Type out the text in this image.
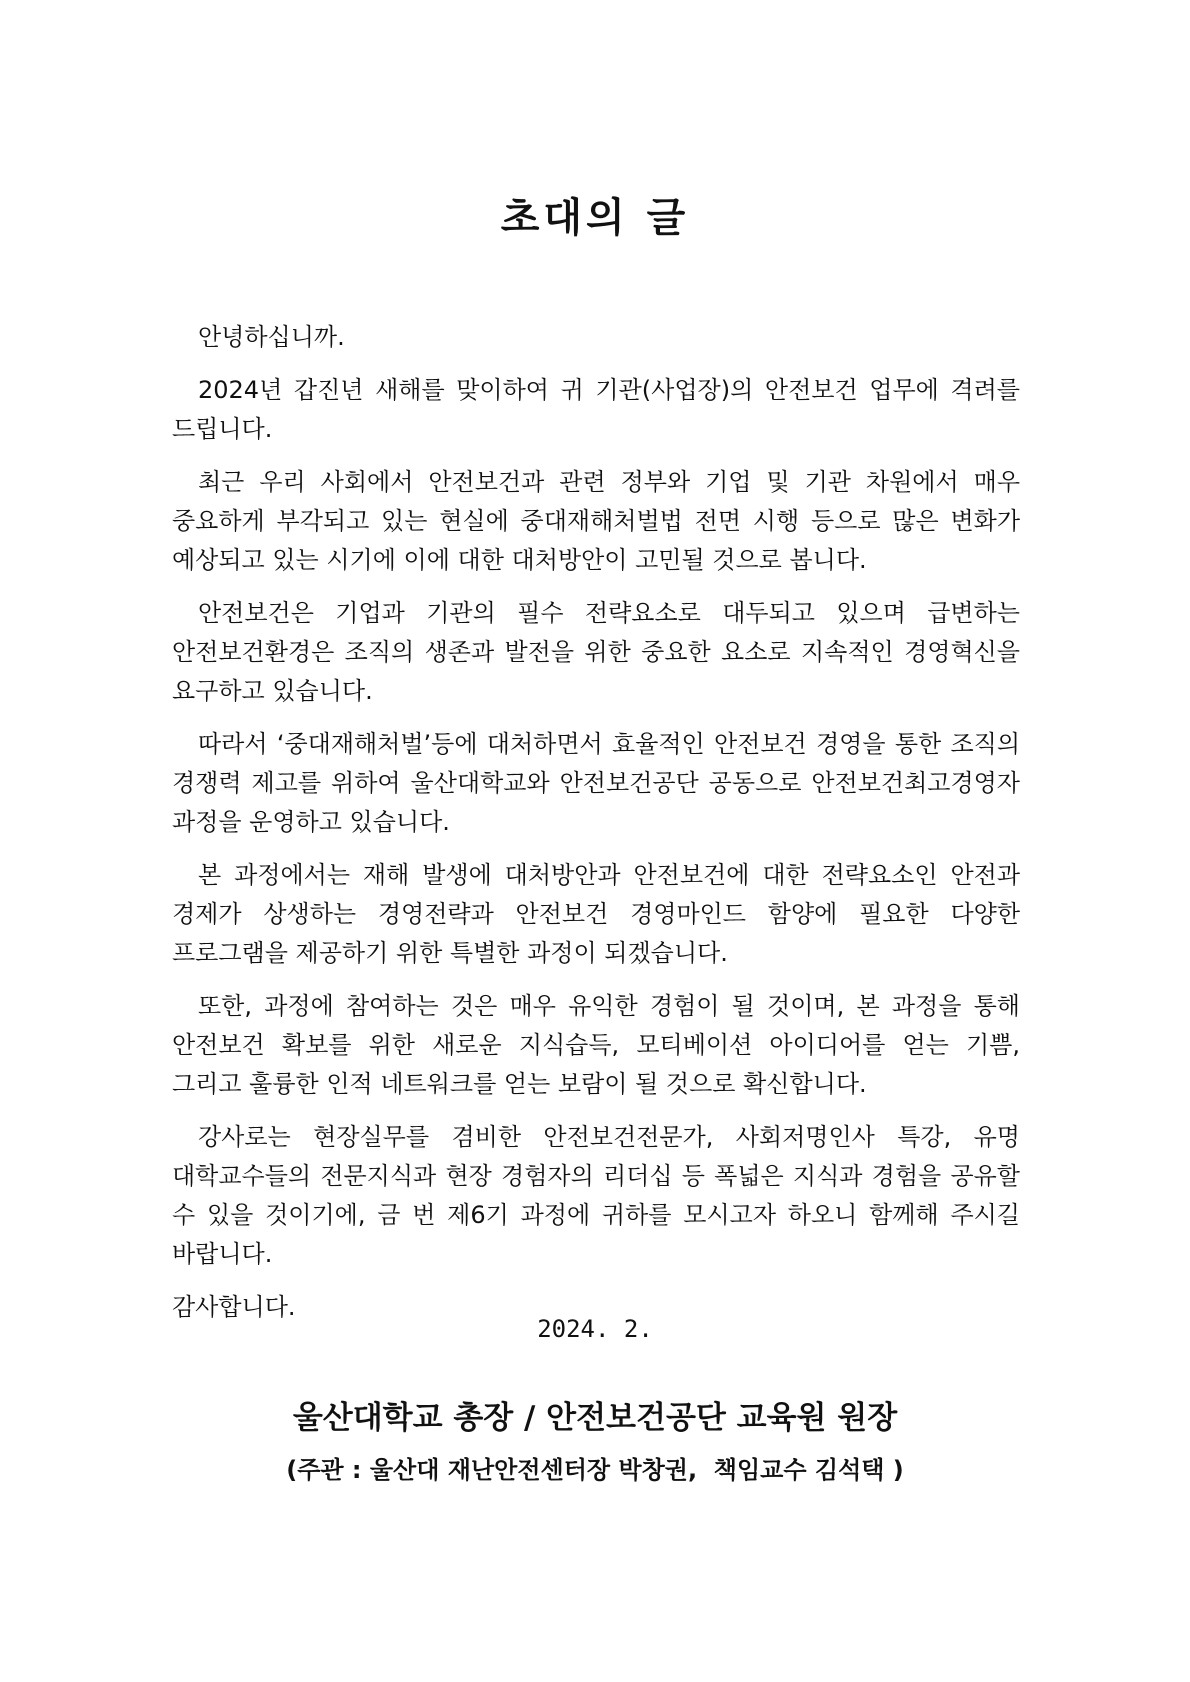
초대의 글

안녕하십니까.

2024년 갑진년 새해를 맞이하여 귀 기관(사업장)의 안전보건 업무에 격려를 드립니다.

최근 우리 사회에서 안전보건과 관련 정부와 기업 및 기관 차원에서 매우 중요하게 부각되고 있는 현실에 중대재해처벌법 전면 시행 등으로 많은 변화가 예상되고 있는 시기에 이에 대한 대처방안이 고민될 것으로 봅니다.

안전보건은 기업과 기관의 필수 전략요소로 대두되고 있으며 급변하는 안전보건환경은 조직의 생존과 발전을 위한 중요한 요소로 지속적인 경영혁신을 요구하고 있습니다.

따라서 ‘중대재해처벌’등에 대처하면서 효율적인 안전보건 경영을 통한 조직의 경쟁력 제고를 위하여 울산대학교와 안전보건공단 공동으로 안전보건최고경영자 과정을 운영하고 있습니다.

본 과정에서는 재해 발생에 대처방안과 안전보건에 대한 전략요소인 안전과 경제가 상생하는 경영전략과 안전보건 경영마인드 함양에 필요한 다양한 프로그램을 제공하기 위한 특별한 과정이 되겠습니다.

또한, 과정에 참여하는 것은 매우 유익한 경험이 될 것이며, 본 과정을 통해 안전보건 확보를 위한 새로운 지식습득, 모티베이션 아이디어를 얻는 기쁨, 그리고 훌륭한 인적 네트워크를 얻는 보람이 될 것으로 확신합니다.

강사로는 현장실무를 겸비한 안전보건전문가, 사회저명인사 특강, 유명 대학교수들의 전문지식과 현장 경험자의 리더십 등 폭넓은 지식과 경험을 공유할 수 있을 것이기에, 금 번 제6기 과정에 귀하를 모시고자 하오니 함께해 주시길 바랍니다.

감사합니다.

2024. 2.
울산대학교 총장 / 안전보건공단 교육원 원장
(주관 : 울산대 재난안전센터장 박창권,  책임교수 김석택 )
